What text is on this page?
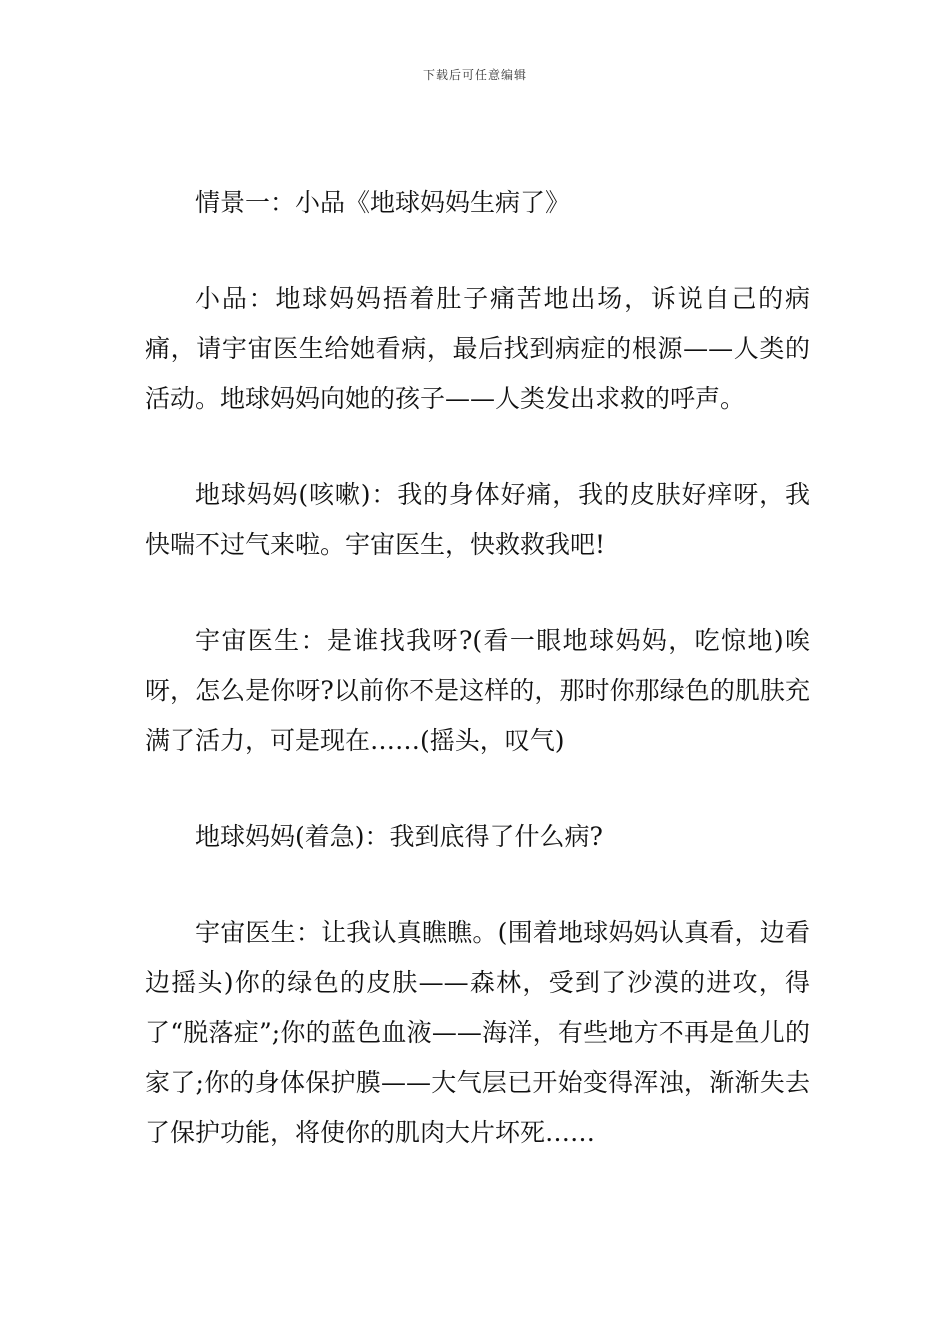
下载后可任意编辑

情景一：小品《地球妈妈生病了》

小品：地球妈妈捂着肚子痛苦地出场，诉说自己的病痛，请宇宙医生给她看病，最后找到病症的根源——人类的活动。地球妈妈向她的孩子——人类发出求救的呼声。

地球妈妈(咳嗽)：我的身体好痛，我的皮肤好痒呀，我快喘不过气来啦。宇宙医生，快救救我吧!

宇宙医生：是谁找我呀?(看一眼地球妈妈，吃惊地)唉呀，怎么是你呀?以前你不是这样的，那时你那绿色的肌肤充满了活力，可是现在……(摇头，叹气)

地球妈妈(着急)：我到底得了什么病?

宇宙医生：让我认真瞧瞧。(围着地球妈妈认真看，边看边摇头)你的绿色的皮肤——森林，受到了沙漠的进攻，得了“脱落症”;你的蓝色血液——海洋，有些地方不再是鱼儿的家了;你的身体保护膜——大气层已开始变得浑浊，渐渐失去了保护功能，将使你的肌肉大片坏死……
